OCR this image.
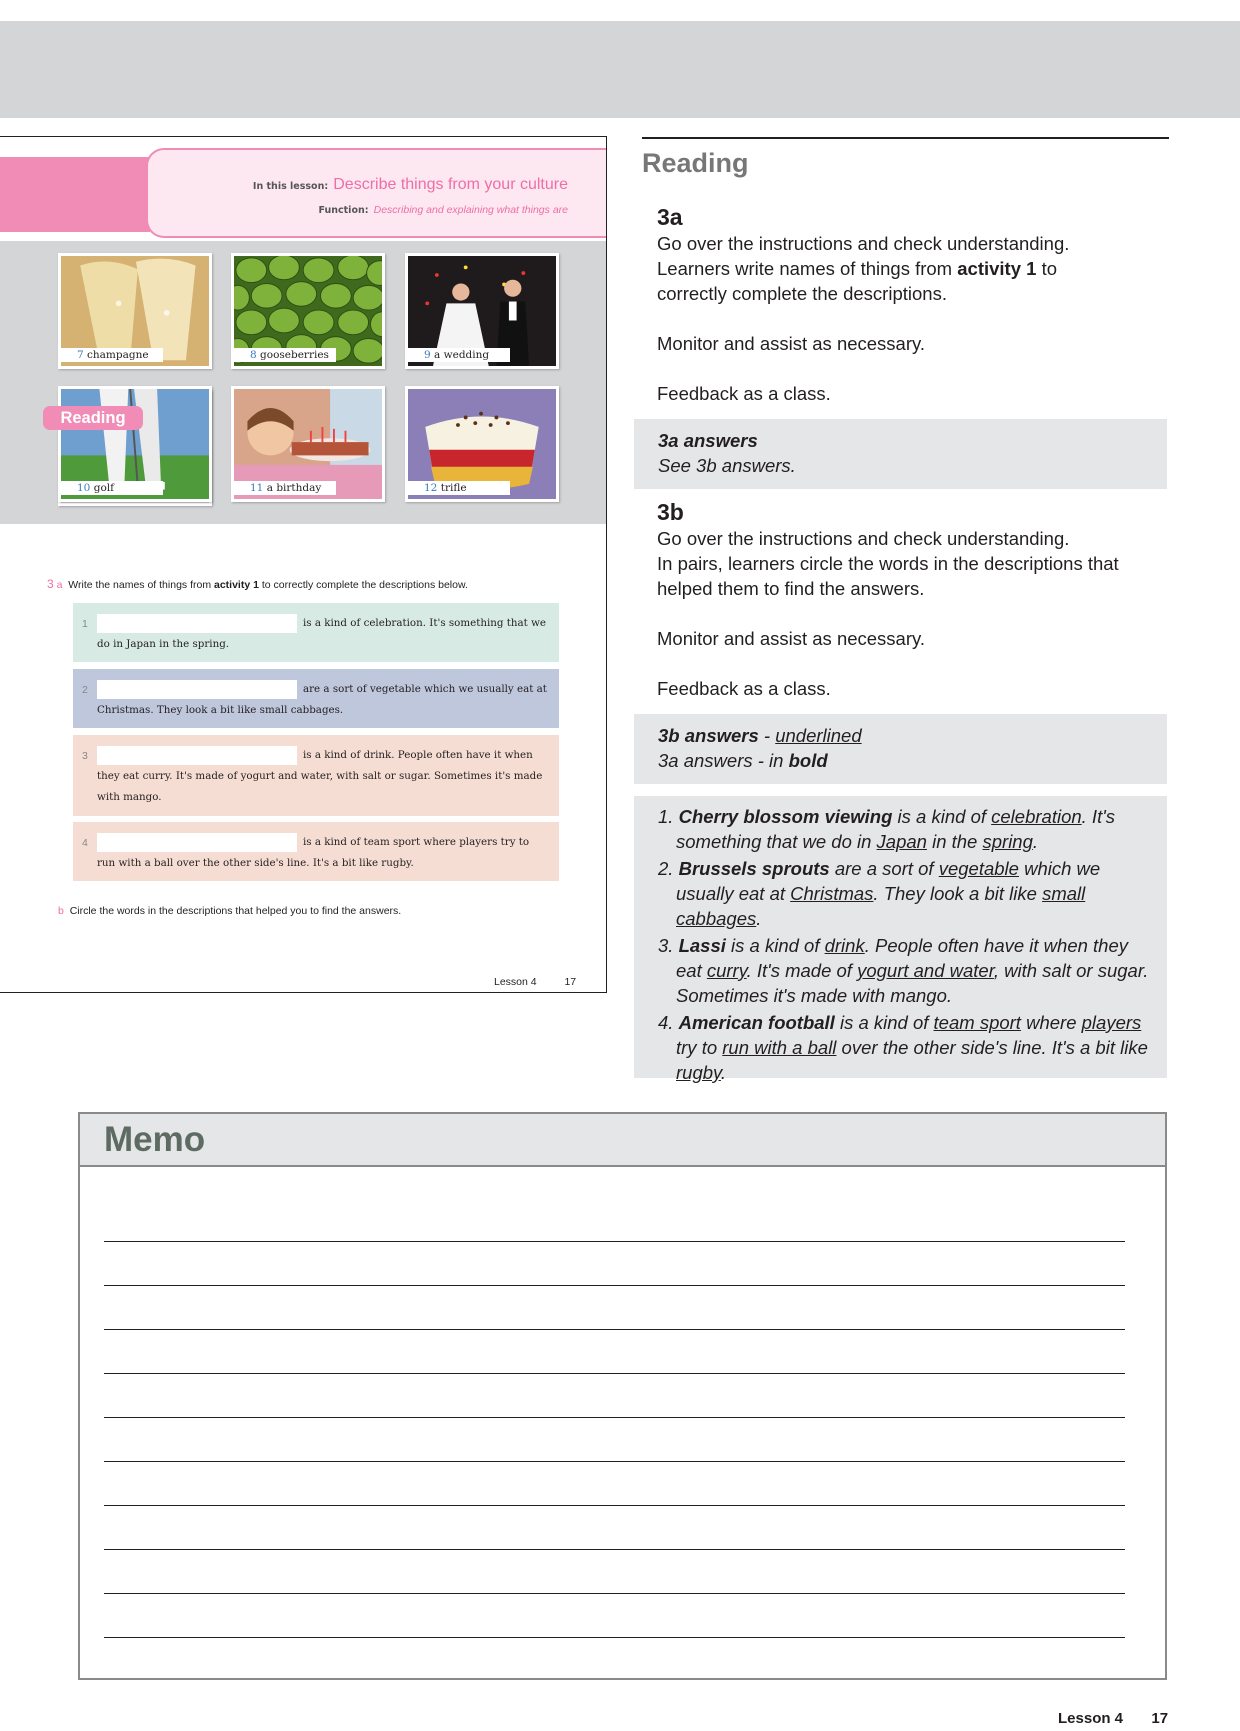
In this lesson: Describe things from your culture
Function: Describing and explaining what things are
7 champagne	8 gooseberries	9 a wedding
10 golf	11 a birthday	12 trifle
Reading
3 a Write the names of things from activity 1 to correctly complete the descriptions below.
1	is a kind of celebration. It's something that we do in Japan in the spring.
2	are a sort of vegetable which we usually eat at Christmas. They look a bit like small cabbages.
3	is a kind of drink. People often have it when they eat curry. It's made of yogurt and water, with salt or sugar. Sometimes it's made with mango.
4	is a kind of team sport where players try to run with a ball over the other side's line. It's a bit like rugby.
b Circle the words in the descriptions that helped you to find the answers.
Lesson 4	17
Reading
3a
Go over the instructions and check understanding.
Learners write names of things from activity 1 to
correctly complete the descriptions.
Monitor and assist as necessary.
Feedback as a class.
3a answers
See 3b answers.
3b
Go over the instructions and check understanding.
In pairs, learners circle the words in the descriptions that
helped them to find the answers.
Monitor and assist as necessary.
Feedback as a class.
3b answers - underlined
3a answers - in bold
1. Cherry blossom viewing is a kind of celebration. It's something that we do in Japan in the spring.
2. Brussels sprouts are a sort of vegetable which we usually eat at Christmas. They look a bit like small cabbages.
3. Lassi is a kind of drink. People often have it when they eat curry. It's made of yogurt and water, with salt or sugar. Sometimes it's made with mango.
4. American football is a kind of team sport where players try to run with a ball over the other side's line. It's a bit like rugby.
Memo
Lesson 4 17
